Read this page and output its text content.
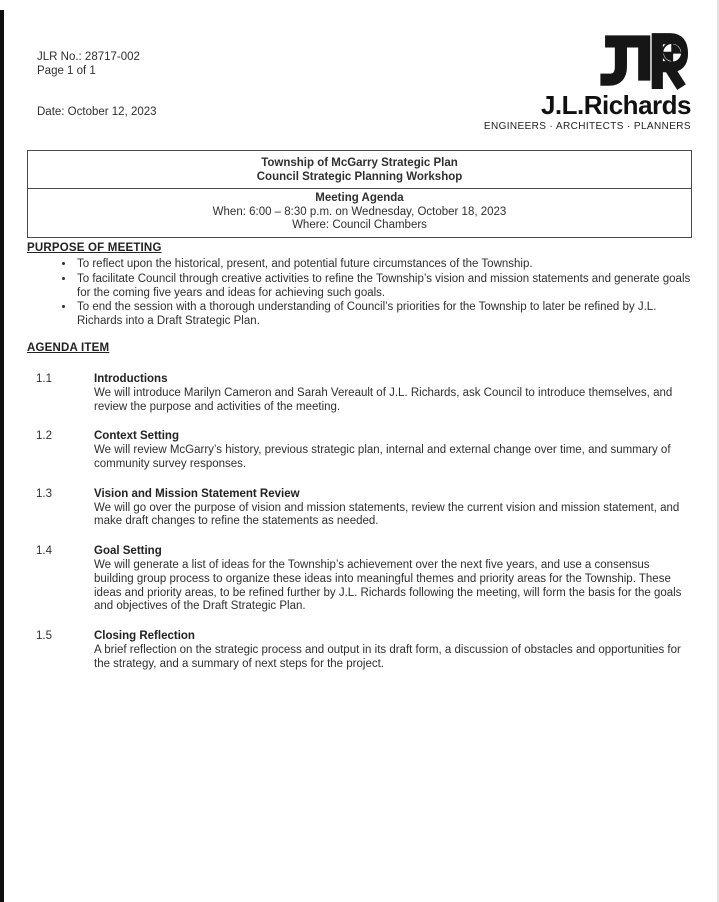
JLR No.: 28717-002
Page 1 of 1
Date: October 12, 2023	J.L.Richards
ENGINEERS · ARCHITECTS · PLANNERS
Township of McGarry Strategic Plan
Council Strategic Planning Workshop
Meeting Agenda
When: 6:00 – 8:30 p.m. on Wednesday, October 18, 2023
Where: Council Chambers
PURPOSE OF MEETING
• To reflect upon the historical, present, and potential future circumstances of the Township.
• To facilitate Council through creative activities to refine the Township’s vision and mission statements and generate goals for the coming five years and ideas for achieving such goals.
• To end the session with a thorough understanding of Council’s priorities for the Township to later be refined by J.L. Richards into a Draft Strategic Plan.
AGENDA ITEM
1.1	Introductions
We will introduce Marilyn Cameron and Sarah Vereault of J.L. Richards, ask Council to introduce themselves, and review the purpose and activities of the meeting.
1.2	Context Setting
We will review McGarry’s history, previous strategic plan, internal and external change over time, and summary of community survey responses.
1.3	Vision and Mission Statement Review
We will go over the purpose of vision and mission statements, review the current vision and mission statement, and make draft changes to refine the statements as needed.
1.4	Goal Setting
We will generate a list of ideas for the Township’s achievement over the next five years, and use a consensus building group process to organize these ideas into meaningful themes and priority areas for the Township. These ideas and priority areas, to be refined further by J.L. Richards following the meeting, will form the basis for the goals and objectives of the Draft Strategic Plan.
1.5	Closing Reflection
A brief reflection on the strategic process and output in its draft form, a discussion of obstacles and opportunities for the strategy, and a summary of next steps for the project.
